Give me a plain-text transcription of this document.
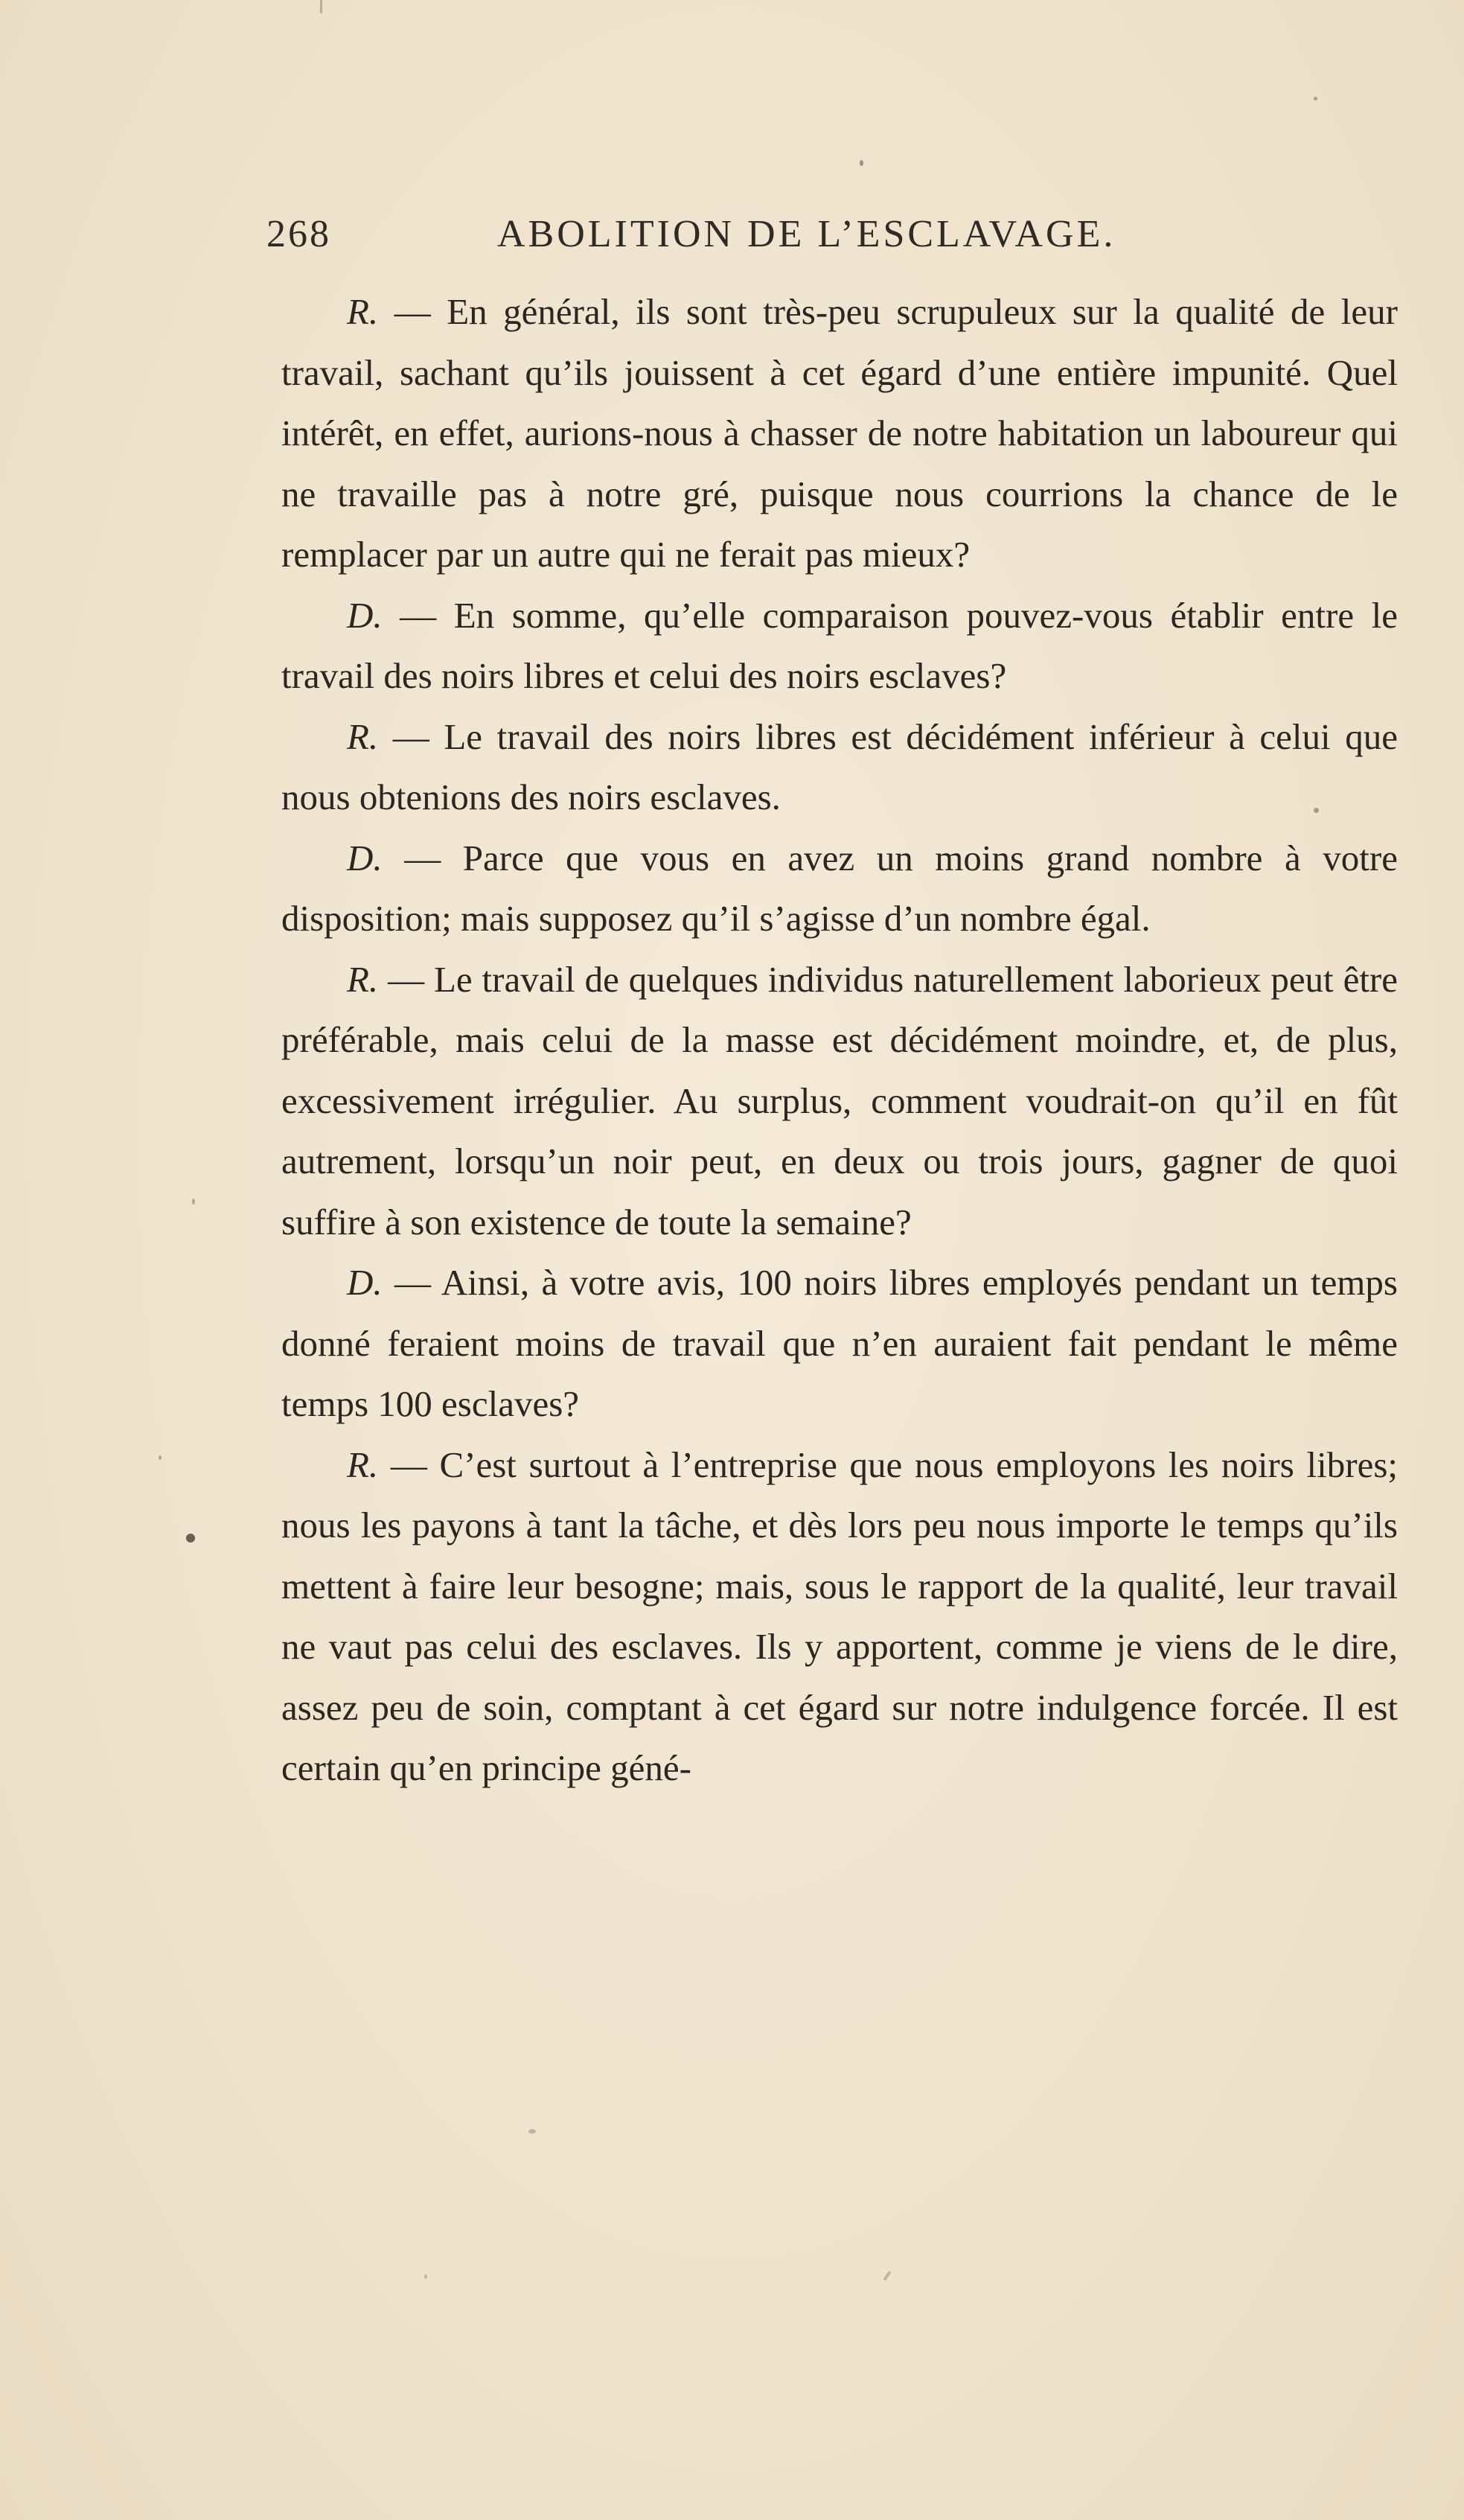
268	ABOLITION DE L’ESCLAVAGE.

R. — En général, ils sont très-peu scrupuleux sur la qualité de leur travail, sachant qu’ils jouissent à cet égard d’une entière impunité. Quel intérêt, en effet, aurions-nous à chasser de notre habitation un laboureur qui ne travaille pas à notre gré, puisque nous courrions la chance de le remplacer par un autre qui ne ferait pas mieux?

D. — En somme, qu’elle comparaison pouvez-vous établir entre le travail des noirs libres et celui des noirs esclaves?

R. — Le travail des noirs libres est décidément inférieur à celui que nous obtenions des noirs esclaves.

D. — Parce que vous en avez un moins grand nombre à votre disposition; mais supposez qu’il s’agisse d’un nombre égal.

R. — Le travail de quelques individus naturellement laborieux peut être préférable, mais celui de la masse est décidément moindre, et, de plus, excessivement irrégulier. Au surplus, comment voudrait-on qu’il en fût autrement, lorsqu’un noir peut, en deux ou trois jours, gagner de quoi suffire à son existence de toute la semaine?

D. — Ainsi, à votre avis, 100 noirs libres employés pendant un temps donné feraient moins de travail que n’en auraient fait pendant le même temps 100 esclaves?

R. — C’est surtout à l’entreprise que nous employons les noirs libres; nous les payons à tant la tâche, et dès lors peu nous importe le temps qu’ils mettent à faire leur besogne; mais, sous le rapport de la qualité, leur travail ne vaut pas celui des esclaves. Ils y apportent, comme je viens de le dire, assez peu de soin, comptant à cet égard sur notre indulgence forcée. Il est certain qu’en principe géné-
